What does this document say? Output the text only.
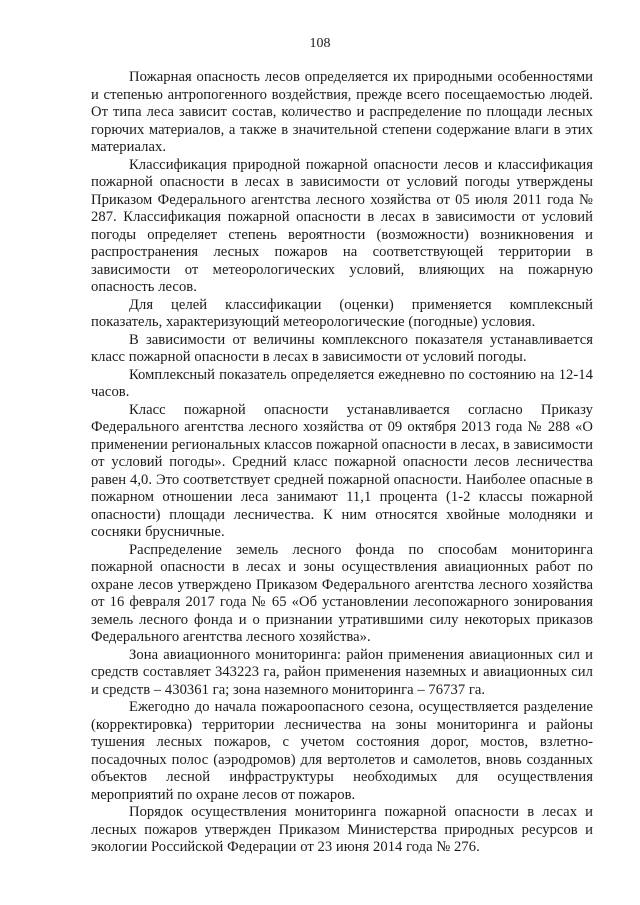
108

Пожарная опасность лесов определяется их природными особенностями и степенью антропогенного воздействия, прежде всего посещаемостью людей. От типа леса зависит состав, количество и распределение по площади лесных горючих материалов, а также в значительной степени содержание влаги в этих материалах.

Классификация природной пожарной опасности лесов и классификация пожарной опасности в лесах в зависимости от условий погоды утверждены Приказом Федерального агентства лесного хозяйства от 05 июля 2011 года № 287. Классификация пожарной опасности в лесах в зависимости от условий погоды определяет степень вероятности (возможности) возникновения и распространения лесных пожаров на соответствующей территории в зависимости от метеорологических условий, влияющих на пожарную опасность лесов.

Для целей классификации (оценки) применяется комплексный показатель, характеризующий метеорологические (погодные) условия.

В зависимости от величины комплексного показателя устанавливается класс пожарной опасности в лесах в зависимости от условий погоды.

Комплексный показатель определяется ежедневно по состоянию на 12-14 часов.

Класс пожарной опасности устанавливается согласно Приказу Федерального агентства лесного хозяйства от 09 октября 2013 года № 288 «О применении региональных классов пожарной опасности в лесах, в зависимости от условий погоды». Средний класс пожарной опасности лесов лесничества равен 4,0. Это соответствует средней пожарной опасности. Наиболее опасные в пожарном отношении леса занимают 11,1 процента (1-2 классы пожарной опасности) площади лесничества. К ним относятся хвойные молодняки и сосняки брусничные.

Распределение земель лесного фонда по способам мониторинга пожарной опасности в лесах и зоны осуществления авиационных работ по охране лесов утверждено Приказом Федерального агентства лесного хозяйства от 16 февраля 2017 года № 65 «Об установлении лесопожарного зонирования земель лесного фонда и о признании утратившими силу некоторых приказов Федерального агентства лесного хозяйства».

Зона авиационного мониторинга: район применения авиационных сил и средств составляет 343223 га, район применения наземных и авиационных сил и средств – 430361 га; зона наземного мониторинга – 76737 га.

Ежегодно до начала пожароопасного сезона, осуществляется разделение (корректировка) территории лесничества на зоны мониторинга и районы тушения лесных пожаров, с учетом состояния дорог, мостов, взлетно-посадочных полос (аэродромов) для вертолетов и самолетов, вновь созданных объектов лесной инфраструктуры необходимых для осуществления мероприятий по охране лесов от пожаров.

Порядок осуществления мониторинга пожарной опасности в лесах и лесных пожаров утвержден Приказом Министерства природных ресурсов и экологии Российской Федерации от 23 июня 2014 года № 276.
